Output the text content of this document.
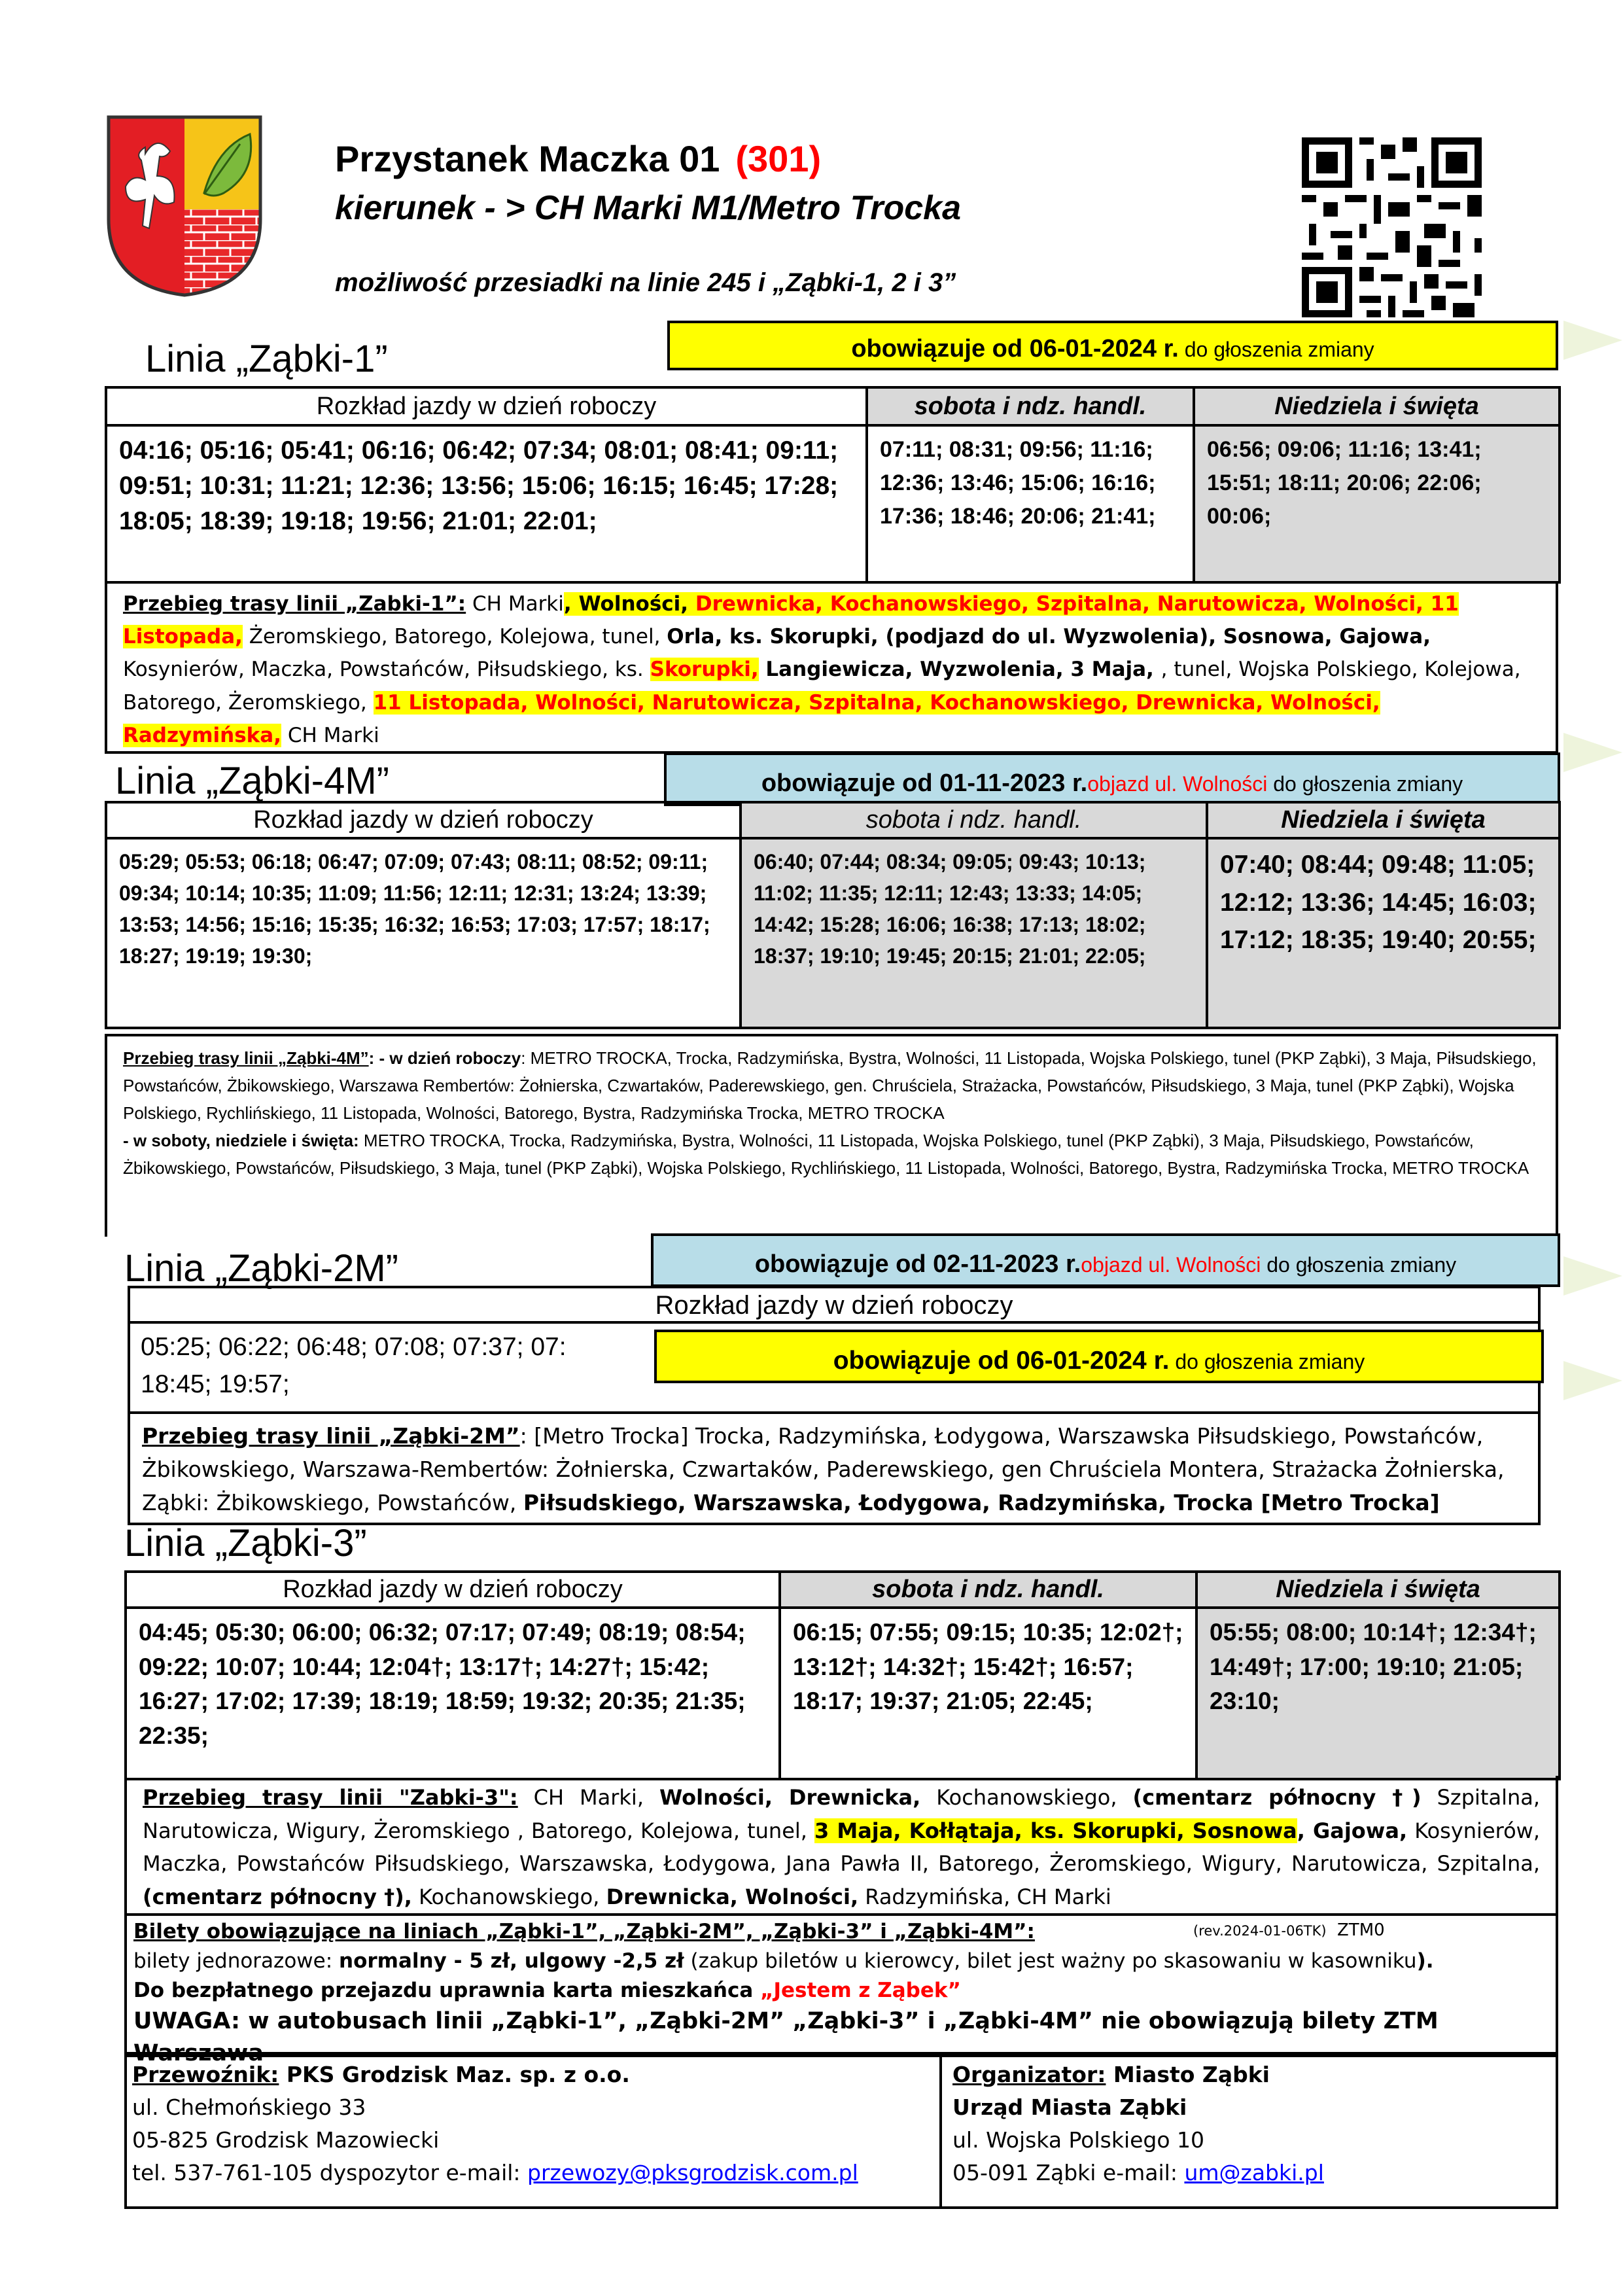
Przystanek Maczka 01 (301)
kierunek - > CH Marki M1/Metro Trocka
możliwość przesiadki na linie 245 i „Ząbki-1, 2 i 3”
Linia „Ząbki-1”	obowiązuje od 06-01-2024 r. do głoszenia zmiany
Rozkład jazdy w dzień roboczy	sobota i ndz. handl.	Niedziela i święta
04:16; 05:16; 05:41; 06:16; 06:42; 07:34; 08:01; 08:41; 09:11; 09:51; 10:31; 11:21; 12:36; 13:56; 15:06; 16:15; 16:45; 17:28; 18:05; 18:39; 19:18; 19:56; 21:01; 22:01;	07:11; 08:31; 09:56; 11:16; 12:36; 13:46; 15:06; 16:16; 17:36; 18:46; 20:06; 21:41;	06:56; 09:06; 11:16; 13:41; 15:51; 18:11; 20:06; 22:06; 00:06;
Przebieg trasy linii „Zabki-1”: CH Marki, Wolności, Drewnicka, Kochanowskiego, Szpitalna, Narutowicza, Wolności, 11 Listopada, Żeromskiego, Batorego, Kolejowa, tunel, Orla, ks. Skorupki, (podjazd do ul. Wyzwolenia), Sosnowa, Gajowa, Kosynierów, Maczka, Powstańców, Piłsudskiego, ks. Skorupki, Langiewicza, Wyzwolenia, 3 Maja, , tunel, Wojska Polskiego, Kolejowa, Batorego, Żeromskiego, 11 Listopada, Wolności, Narutowicza, Szpitalna, Kochanowskiego, Drewnicka, Wolności, Radzymińska, CH Marki
Linia „Ząbki-4M”	obowiązuje od 01-11-2023 r.objazd ul. Wolności do głoszenia zmiany
Rozkład jazdy w dzień roboczy	sobota i ndz. handl.	Niedziela i święta
05:29; 05:53; 06:18; 06:47; 07:09; 07:43; 08:11; 08:52; 09:11; 09:34; 10:14; 10:35; 11:09; 11:56; 12:11; 12:31; 13:24; 13:39; 13:53; 14:56; 15:16; 15:35; 16:32; 16:53; 17:03; 17:57; 18:17; 18:27; 19:19; 19:30;	06:40; 07:44; 08:34; 09:05; 09:43; 10:13; 11:02; 11:35; 12:11; 12:43; 13:33; 14:05; 14:42; 15:28; 16:06; 16:38; 17:13; 18:02; 18:37; 19:10; 19:45; 20:15; 21:01; 22:05;	07:40; 08:44; 09:48; 11:05; 12:12; 13:36; 14:45; 16:03; 17:12; 18:35; 19:40; 20:55;
Przebieg trasy linii „Ząbki-4M”: - w dzień roboczy: METRO TROCKA, Trocka, Radzymińska, Bystra, Wolności, 11 Listopada, Wojska Polskiego, tunel (PKP Ząbki), 3 Maja, Piłsudskiego, Powstańców, Żbikowskiego, Warszawa Rembertów: Żołnierska, Czwartaków, Paderewskiego, gen. Chruściela, Strażacka, Powstańców, Piłsudskiego, 3 Maja, tunel (PKP Ząbki), Wojska Polskiego, Rychlińskiego, 11 Listopada, Wolności, Batorego, Bystra, Radzymińska Trocka, METRO TROCKA
- w soboty, niedziele i święta: METRO TROCKA, Trocka, Radzymińska, Bystra, Wolności, 11 Listopada, Wojska Polskiego, tunel (PKP Ząbki), 3 Maja, Piłsudskiego, Powstańców, Żbikowskiego, Powstańców, Piłsudskiego, 3 Maja, tunel (PKP Ząbki), Wojska Polskiego, Rychlińskiego, 11 Listopada, Wolności, Batorego, Bystra, Radzymińska Trocka, METRO TROCKA
Linia „Ząbki-2M”	obowiązuje od 02-11-2023 r.objazd ul. Wolności do głoszenia zmiany
Rozkład jazdy w dzień roboczy
05:25; 06:22; 06:48; 07:08; 07:37; 07:
18:45; 19:57;
obowiązuje od 06-01-2024 r. do głoszenia zmiany
Przebieg trasy linii „Ząbki-2M”: [Metro Trocka] Trocka, Radzymińska, Łodygowa, Warszawska Piłsudskiego, Powstańców, Żbikowskiego, Warszawa-Rembertów: Żołnierska, Czwartaków, Paderewskiego, gen Chruściela Montera, Strażacka Żołnierska, Ząbki: Żbikowskiego, Powstańców, Piłsudskiego, Warszawska, Łodygowa, Radzymińska, Trocka [Metro Trocka]
Linia „Ząbki-3”
Rozkład jazdy w dzień roboczy	sobota i ndz. handl.	Niedziela i święta
04:45; 05:30; 06:00; 06:32; 07:17; 07:49; 08:19; 08:54; 09:22; 10:07; 10:44; 12:04†; 13:17†; 14:27†; 15:42; 16:27; 17:02; 17:39; 18:19; 18:59; 19:32; 20:35; 21:35; 22:35;	06:15; 07:55; 09:15; 10:35; 12:02†; 13:12†; 14:32†; 15:42†; 16:57; 18:17; 19:37; 21:05; 22:45;	05:55; 08:00; 10:14†; 12:34†; 14:49†; 17:00; 19:10; 21:05; 23:10;
Przebieg trasy linii "Zabki-3": CH Marki, Wolności, Drewnicka, Kochanowskiego, (cmentarz północny †) Szpitalna, Narutowicza, Wigury, Żeromskiego , Batorego, Kolejowa, tunel, 3 Maja, Kołłątaja, ks. Skorupki, Sosnowa, Gajowa, Kosynierów, Maczka, Powstańców Piłsudskiego, Warszawska, Łodygowa, Jana Pawła II, Batorego, Żeromskiego, Wigury, Narutowicza, Szpitalna, (cmentarz północny †), Kochanowskiego, Drewnicka, Wolności, Radzymińska, CH Marki
Bilety obowiązujące na liniach „Ząbki-1”, „Ząbki-2M”, „Ząbki-3” i „Ząbki-4M”:	(rev.2024-01-06TK) ZTM0
bilety jednorazowe: normalny - 5 zł, ulgowy -2,5 zł (zakup biletów u kierowcy, bilet jest ważny po skasowaniu w kasowniku).
Do bezpłatnego przejazdu uprawnia karta mieszkańca „Jestem z Ząbek”
UWAGA: w autobusach linii „Ząbki-1”, „Ząbki-2M” „Ząbki-3” i „Ząbki-4M” nie obowiązują bilety ZTM Warszawa
Przewoźnik: PKS Grodzisk Maz. sp. z o.o.
ul. Chełmońskiego 33
05-825 Grodzisk Mazowiecki
tel. 537-761-105 dyspozytor e-mail: przewozy@pksgrodzisk.com.pl
Organizator: Miasto Ząbki
Urząd Miasta Ząbki
ul. Wojska Polskiego 10
05-091 Ząbki e-mail: um@zabki.pl
